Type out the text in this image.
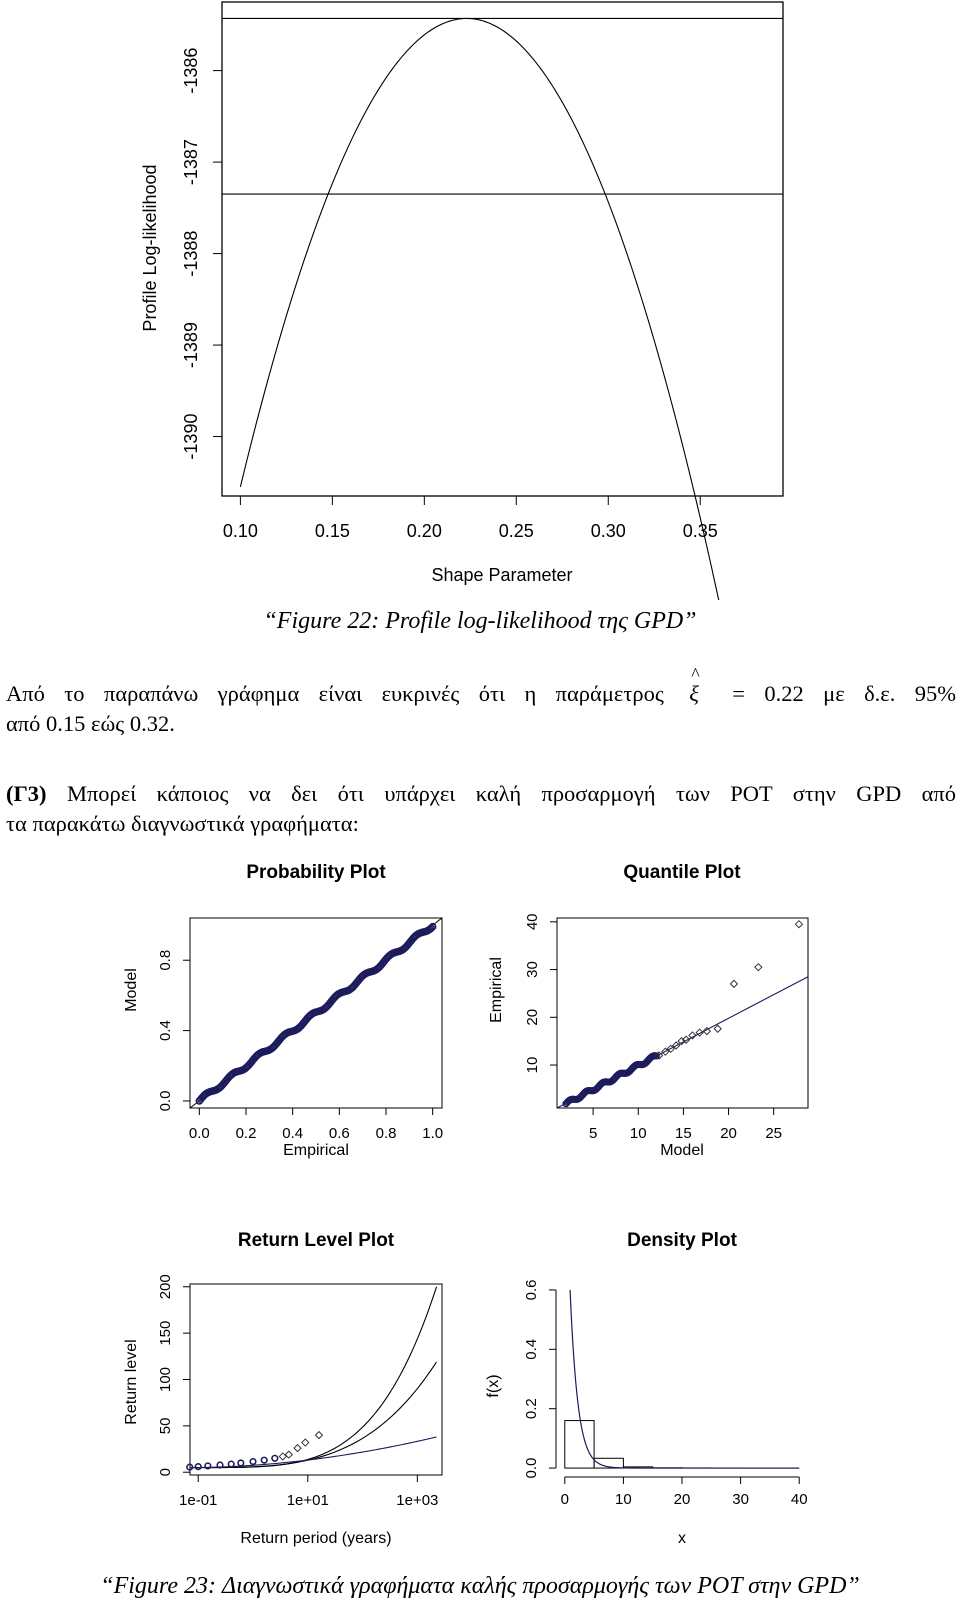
0.10	0.15	0.20	0.25	0.30	0.35
-1390
-1389
-1388
-1387
-1386
Shape Parameter
Profile Log-likelihood
“Figure 22: Profile log-likelihood της GPD”
Από το παραπάνω γράφημα είναι ευκρινές ότι η παράμετρος ξ
^
= 0.22 με δ.ε. 95%
από 0.15 εώς 0.32.
(Γ3) Μπορεί κάποιος να δει ότι υπάρχει καλή προσαρμογή των POT στην GPD από
τα παρακάτω διαγνωστικά γραφήματα:
Probability Plot
Empirical
Model
Quantile Plot
Model
Empirical
Return Level Plot
Return period (years)
Return level
Density Plot
x
f(x)
0.0 0.2 0.4 0.6 0.8 1.0
0.0
0.4
0.8
5 10 15 20 25
10
20
30
40
1e-01	1e+01	1e+03
0
50
100
150
200
0.0
0.2
0.4
0.6
0	10	20	30	40
“Figure 23: Διαγνωστικά γραφήματα καλής προσαρμογής των POT στην GPD”
